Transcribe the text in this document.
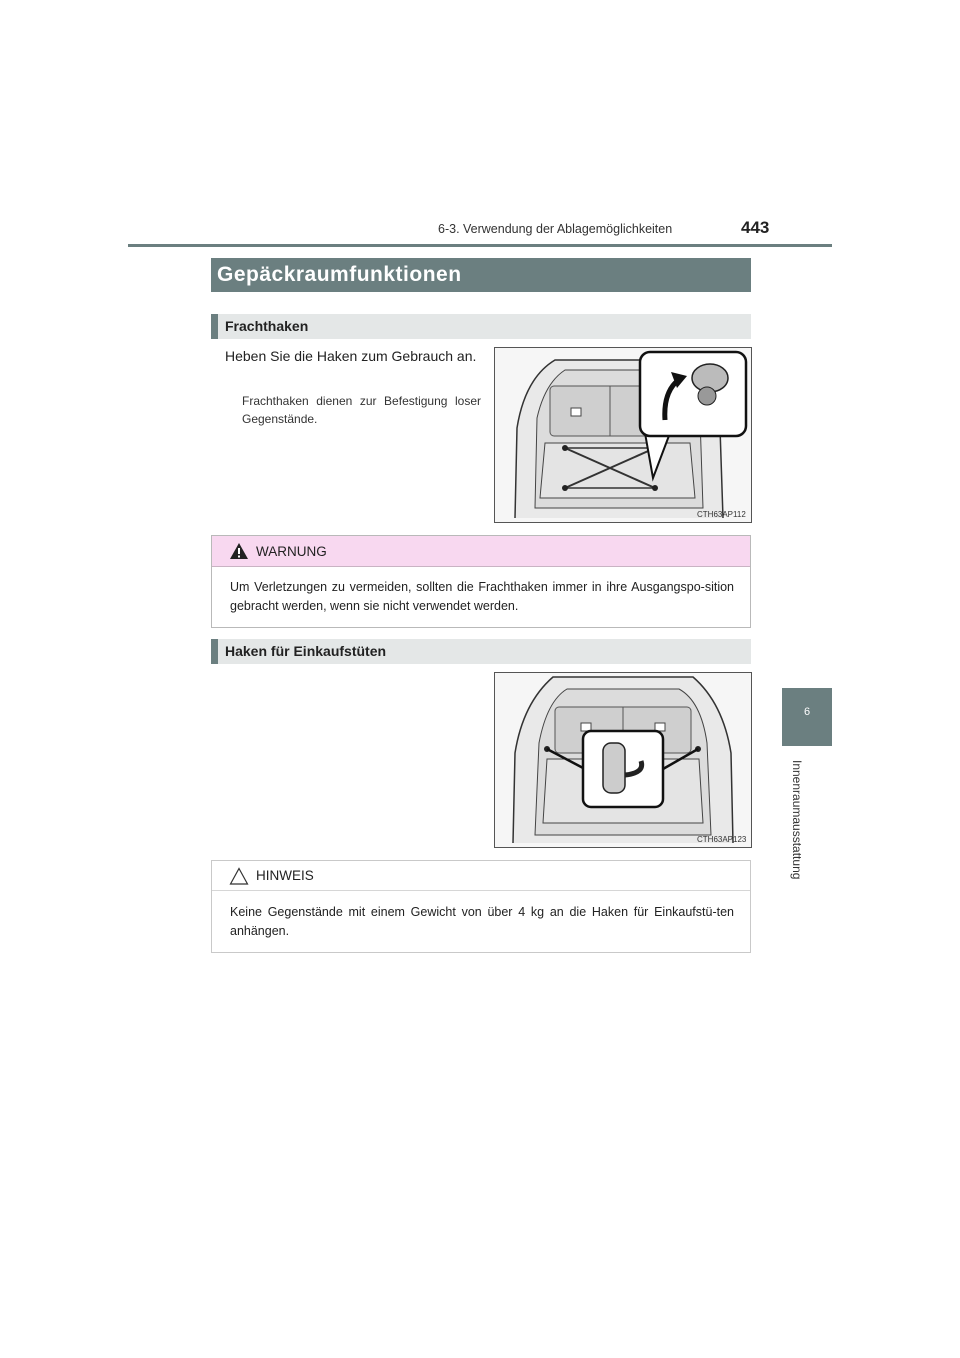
6-3. Verwendung der Ablagemöglichkeiten	443
6
Innenraumausstattung
Gepäckraumfunktionen
Frachthaken
Heben Sie die Haken zum Gebrauch an.
Frachthaken dienen zur Befestigung loser Gegenstände.
CTH63AP112
WARNUNG
Um Verletzungen zu vermeiden, sollten die Frachthaken immer in ihre Ausgangspo-sition gebracht werden, wenn sie nicht verwendet werden.
Haken für Einkaufstüten
CTH63AP123
HINWEIS
Keine Gegenstände mit einem Gewicht von über 4 kg an die Haken für Einkaufstü-ten anhängen.
